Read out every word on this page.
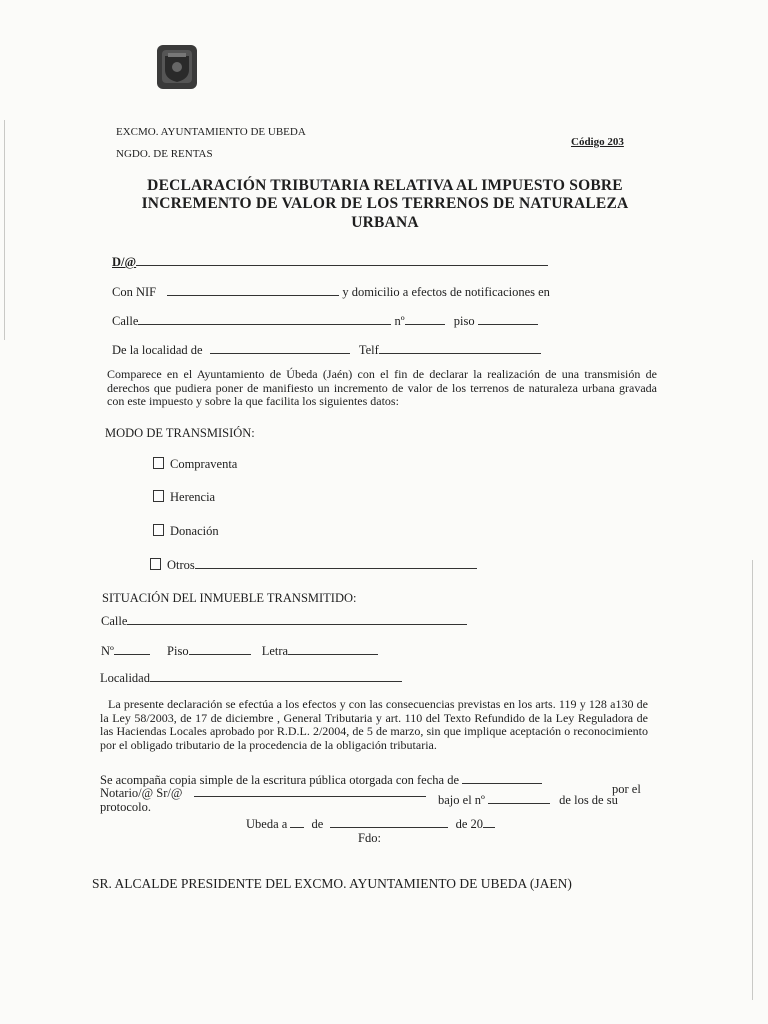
EXCMO. AYUNTAMIENTO DE UBEDA
NGDO. DE RENTAS
Código 203
DECLARACIÓN TRIBUTARIA RELATIVA AL IMPUESTO SOBRE
INCREMENTO DE VALOR DE LOS TERRENOS DE NATURALEZA
URBANA
D/@
Con NIF	y domicilio a efectos de notificaciones en
Calle	nº	piso
De la localidad de	Telf
Comparece en el Ayuntamiento de Úbeda (Jaén) con el fin de declarar la realización de una transmisión de derechos que pudiera poner de manifiesto un incremento de valor de los terrenos de naturaleza urbana gravada con este impuesto y sobre la que facilita los siguientes datos:
MODO DE TRANSMISIÓN:
Compraventa
Herencia
Donación
Otros
SITUACIÓN DEL INMUEBLE TRANSMITIDO:
Calle
Nº	Piso	Letra
Localidad
La presente declaración se efectúa a los efectos y con las consecuencias previstas en los arts. 119 y 128 a130 de la Ley 58/2003, de 17 de diciembre , General Tributaria y art. 110 del Texto Refundido de la Ley Reguladora de las Haciendas Locales aprobado por R.D.L. 2/2004, de 5 de marzo, sin que implique aceptación o reconocimiento por el obligado tributario de la procedencia de la obligación tributaria.
Se acompaña copia simple de la escritura pública otorgada con fecha de
por el
Notario/@ Sr/@	bajo el nº	de los de su
protocolo.
Ubeda a de	de 20
Fdo:
SR. ALCALDE PRESIDENTE DEL EXCMO. AYUNTAMIENTO DE UBEDA (JAEN)
